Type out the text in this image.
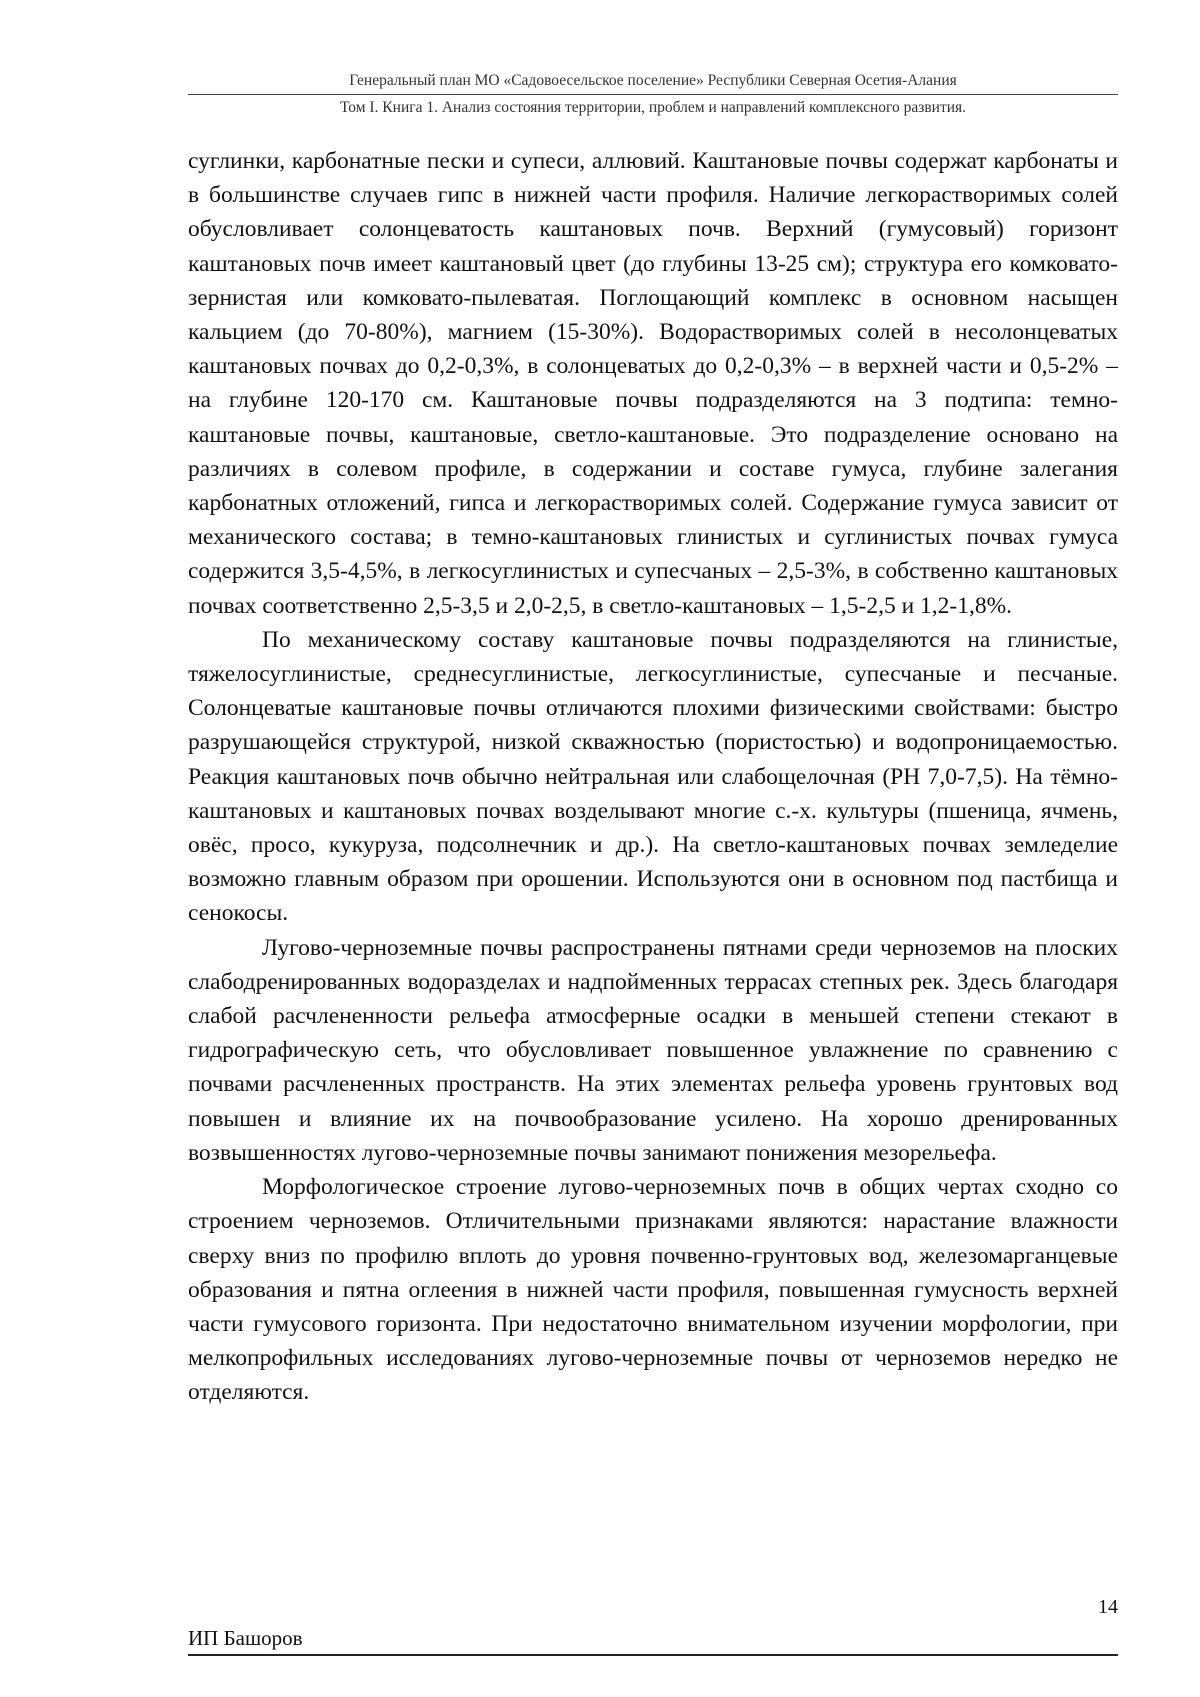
Генеральный план МО «Садовоесельское поселение» Республики Северная Осетия-Алания
Том I. Книга 1. Анализ состояния территории, проблем и направлений комплексного развития.

суглинки, карбонатные пески и супеси, аллювий. Каштановые почвы содержат карбонаты и в большинстве случаев гипс в нижней части профиля. Наличие легкорастворимых солей обусловливает солонцеватость каштановых почв. Верхний (гумусовый) горизонт каштановых почв имеет каштановый цвет (до глубины 13-25 см); структура его комковато-зернистая или комковато-пылеватая. Поглощающий комплекс в основном насыщен кальцием (до 70-80%), магнием (15-30%). Водорастворимых солей в несолонцеватых каштановых почвах до 0,2-0,3%, в солонцеватых до 0,2-0,3% – в верхней части и 0,5-2% – на глубине 120-170 см. Каштановые почвы подразделяются на 3 подтипа: темно-каштановые почвы, каштановые, светло-каштановые. Это подразделение основано на различиях в солевом профиле, в содержании и составе гумуса, глубине залегания карбонатных отложений, гипса и легкорастворимых солей. Содержание гумуса зависит от механического состава; в темно-каштановых глинистых и суглинистых почвах гумуса содержится 3,5-4,5%, в легкосуглинистых и супесчаных – 2,5-3%, в собственно каштановых почвах соответственно 2,5-3,5 и 2,0-2,5, в светло-каштановых – 1,5-2,5 и 1,2-1,8%.

По механическому составу каштановые почвы подразделяются на глинистые, тяжелосуглинистые, среднесуглинистые, легкосуглинистые, супесчаные и песчаные. Солонцеватые каштановые почвы отличаются плохими физическими свойствами: быстро разрушающейся структурой, низкой скважностью (пористостью) и водопроницаемостью. Реакция каштановых почв обычно нейтральная или слабощелочная (РН 7,0-7,5). На тёмно-каштановых и каштановых почвах возделывают многие с.-х. культуры (пшеница, ячмень, овёс, просо, кукуруза, подсолнечник и др.). На светло-каштановых почвах земледелие возможно главным образом при орошении. Используются они в основном под пастбища и сенокосы.

Лугово-черноземные почвы распространены пятнами среди черноземов на плоских слабодренированных водоразделах и надпойменных террасах степных рек. Здесь благодаря слабой расчлененности рельефа атмосферные осадки в меньшей степени стекают в гидрографическую сеть, что обусловливает повышенное увлажнение по сравнению с почвами расчлененных пространств. На этих элементах рельефа уровень грунтовых вод повышен и влияние их на почвообразование усилено. На хорошо дренированных возвышенностях лугово-черноземные почвы занимают понижения мезорельефа.

Морфологическое строение лугово-черноземных почв в общих чертах сходно со строением черноземов. Отличительными признаками являются: нарастание влажности сверху вниз по профилю вплоть до уровня почвенно-грунтовых вод, железомарганцевые образования и пятна оглеения в нижней части профиля, повышенная гумусность верхней части гумусового горизонта. При недостаточно внимательном изучении морфологии, при мелкопрофильных исследованиях лугово-черноземные почвы от черноземов нередко не отделяются.

14
ИП Башоров
